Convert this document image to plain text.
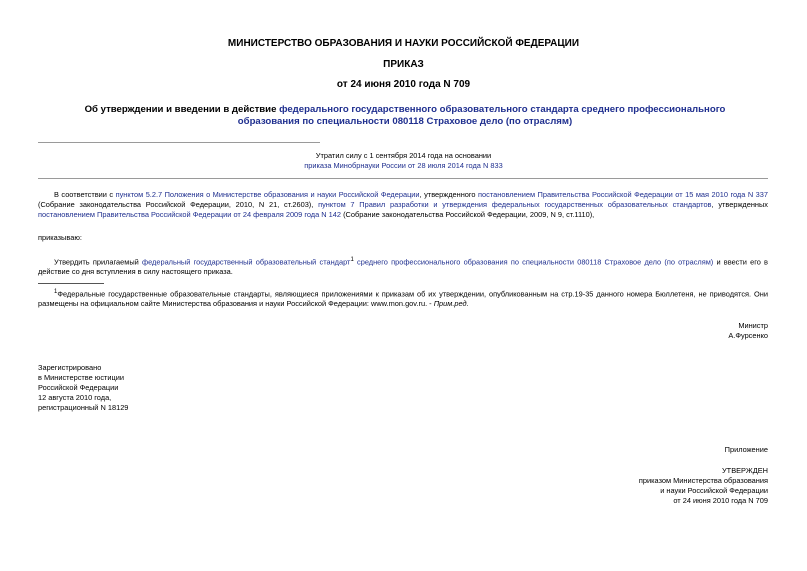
МИНИСТЕРСТВО ОБРАЗОВАНИЯ И НАУКИ РОССИЙСКОЙ ФЕДЕРАЦИИ
ПРИКАЗ
от 24 июня 2010 года N 709
Об утверждении и введении в действие федерального государственного образовательного стандарта среднего профессионального образования по специальности 080118 Страховое дело (по отраслям)
Утратил силу с 1 сентября 2014 года на основании
приказа Минобрнауки России от 28 июля 2014 года N 833
В соответствии с пунктом 5.2.7 Положения о Министерстве образования и науки Российской Федерации, утвержденного постановлением Правительства Российской Федерации от 15 мая 2010 года N 337 (Собрание законодательства Российской Федерации, 2010, N 21, ст.2603), пунктом 7 Правил разработки и утверждения федеральных государственных образовательных стандартов, утвержденных постановлением Правительства Российской Федерации от 24 февраля 2009 года N 142 (Собрание законодательства Российской Федерации, 2009, N 9, ст.1110),
приказываю:
Утвердить прилагаемый федеральный государственный образовательный стандарт$^1$ среднего профессионального образования по специальности 080118 Страховое дело (по отраслям) и ввести его в действие со дня вступления в силу настоящего приказа.
$^1$Федеральные государственные образовательные стандарты, являющиеся приложениями к приказам об их утверждении, опубликованным на стр.19-35 данного номера Бюллетеня, не приводятся. Они размещены на официальном сайте Министерства образования и науки Российской Федерации: www.mon.gov.ru. - Прим.ред.
Министр
А.Фурсенко
Зарегистрировано
в Министерстве юстиции
Российской Федерации
12 августа 2010 года,
регистрационный N 18129
Приложение
УТВЕРЖДЕН
приказом Министерства образования
и науки Российской Федерации
от 24 июня 2010 года N 709
